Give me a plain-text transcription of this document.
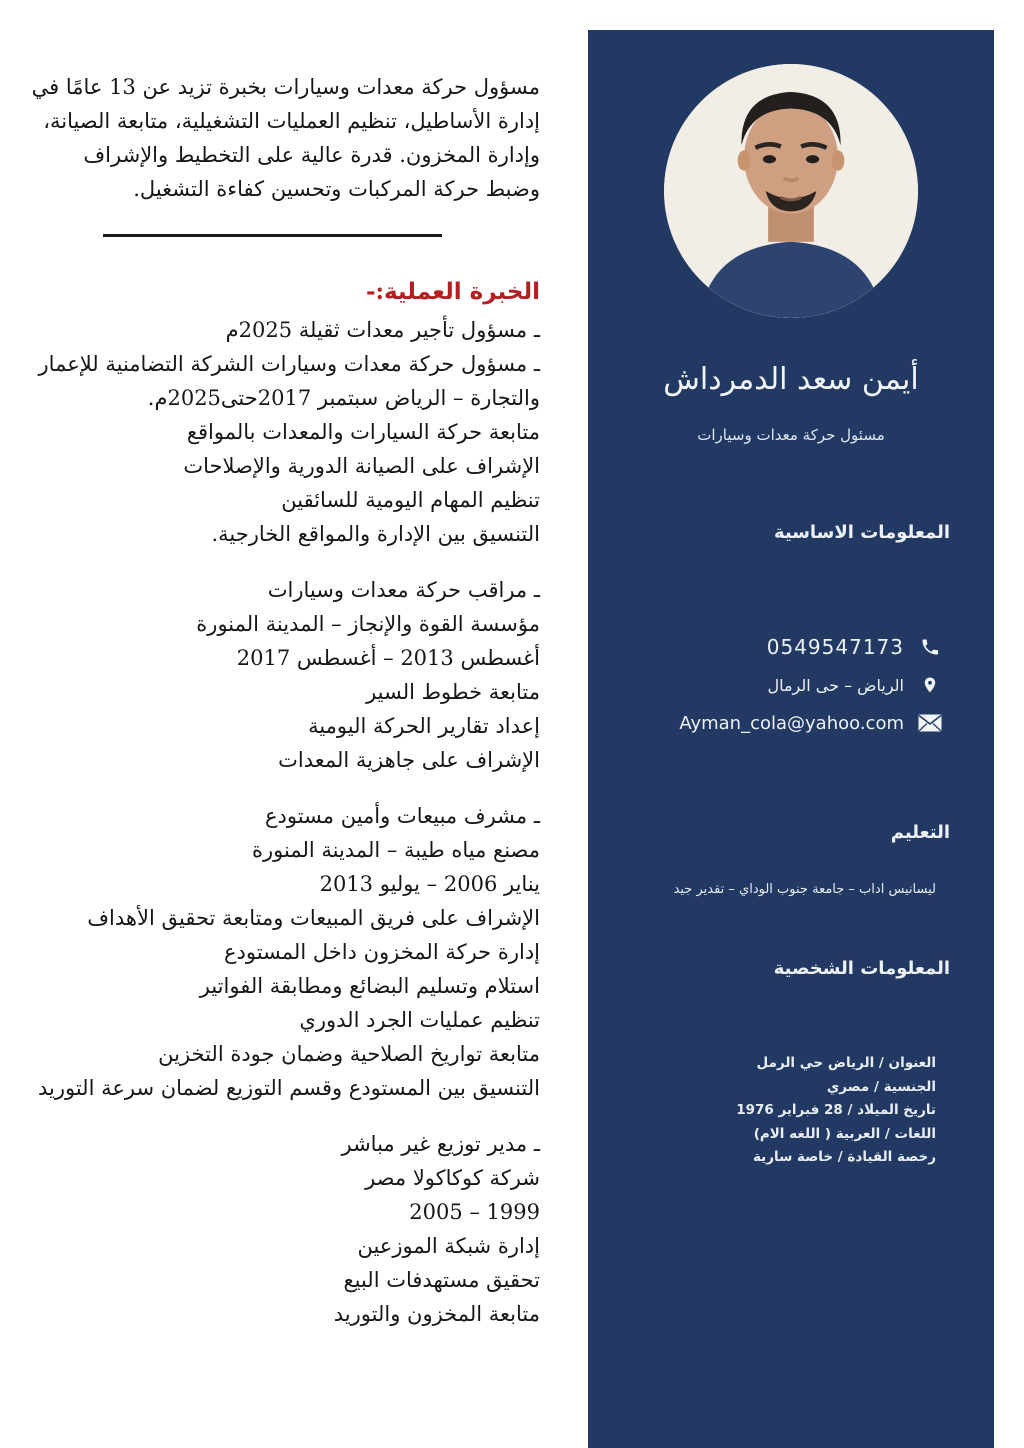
مسؤول حركة معدات وسيارات بخبرة تزيد عن 13 عامًا في إدارة الأساطيل، تنظيم العمليات التشغيلية، متابعة الصيانة، وإدارة المخزون. قدرة عالية على التخطيط والإشراف وضبط حركة المركبات وتحسين كفاءة التشغيل.

الخبرة العملية:-
ـ مسؤول تأجير معدات ثقيلة 2025م
ـ مسؤول حركة معدات وسيارات الشركة التضامنية للإعمار والتجارة – الرياض سبتمبر 2017حتى2025م.
متابعة حركة السيارات والمعدات بالمواقع
الإشراف على الصيانة الدورية والإصلاحات
تنظيم المهام اليومية للسائقين
التنسيق بين الإدارة والمواقع الخارجية.
ـ مراقب حركة معدات وسيارات
مؤسسة القوة والإنجاز – المدينة المنورة
أغسطس 2013 – أغسطس 2017
متابعة خطوط السير
إعداد تقارير الحركة اليومية
الإشراف على جاهزية المعدات
ـ مشرف مبيعات وأمين مستودع
مصنع مياه طيبة – المدينة المنورة
يناير 2006 – يوليو 2013
الإشراف على فريق المبيعات ومتابعة تحقيق الأهداف
إدارة حركة المخزون داخل المستودع
استلام وتسليم البضائع ومطابقة الفواتير
تنظيم عمليات الجرد الدوري
متابعة تواريخ الصلاحية وضمان جودة التخزين
التنسيق بين المستودع وقسم التوزيع لضمان سرعة التوريد
ـ مدير توزيع غير مباشر
شركة كوكاكولا مصر
1999 – 2005
إدارة شبكة الموزعين
تحقيق مستهدفات البيع
متابعة المخزون والتوريد
أيمن سعد الدمرداش
مسئول حركة معدات وسيارات
المعلومات الاساسية
0549547173
الرياض – حى الرمال
Ayman_cola@yahoo.com
التعليم
ليسانيس اداب – جامعة جنوب الوداي – تقدير جيد
المعلومات الشخصية
العنوان / الرياض حي الرمل
الجنسية / مصري
تاريخ الميلاد / 28 فبراير 1976
اللغات / العربية ( اللغه الام)
رخصة القيادة / خاصة سارية
